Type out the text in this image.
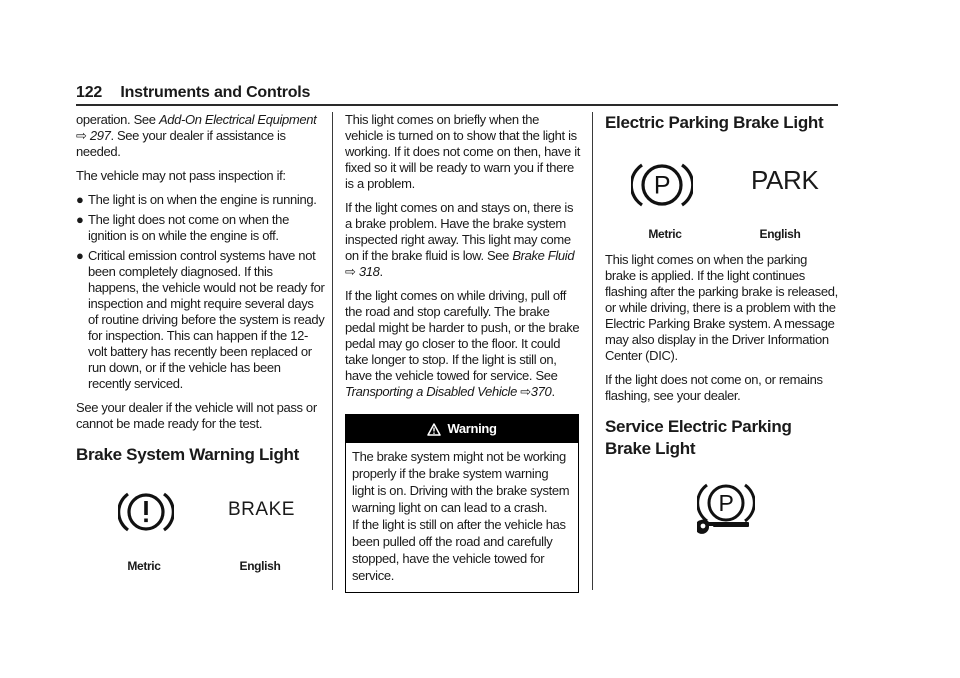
122 Instruments and Controls

operation. See Add-On Electrical Equipment
⇨ 297. See your dealer if assistance is needed.

The vehicle may not pass inspection if:

● The light is on when the engine is running.
● The light does not come on when the ignition is on while the engine is off.
● Critical emission control systems have not been completely diagnosed. If this happens, the vehicle would not be ready for inspection and might require several days of routine driving before the system is ready for inspection. This can happen if the 12-volt battery has recently been replaced or run down, or if the vehicle has been recently serviced.

See your dealer if the vehicle will not pass or cannot be made ready for the test.

Brake System Warning Light
BRAKE
Metric	English

This light comes on briefly when the vehicle is turned on to show that the light is working. If it does not come on then, have it fixed so it will be ready to warn you if there is a problem.

If the light comes on and stays on, there is a brake problem. Have the brake system inspected right away. This light may come on if the brake fluid is low. See Brake Fluid
⇨ 318.

If the light comes on while driving, pull off the road and stop carefully. The brake pedal might be harder to push, or the brake pedal may go closer to the floor. It could take longer to stop. If the light is still on, have the vehicle towed for service. See Transporting a Disabled Vehicle ⇨370.

Warning
The brake system might not be working properly if the brake system warning light is on. Driving with the brake system warning light on can lead to a crash.
If the light is still on after the vehicle has been pulled off the road and carefully stopped, have the vehicle towed for service.
Electric Parking Brake Light
P	PARK
Metric	English

This light comes on when the parking brake is applied. If the light continues flashing after the parking brake is released, or while driving, there is a problem with the Electric Parking Brake system. A message may also display in the Driver Information Center (DIC).

If the light does not come on, or remains flashing, see your dealer.

Service Electric Parking Brake Light
P
